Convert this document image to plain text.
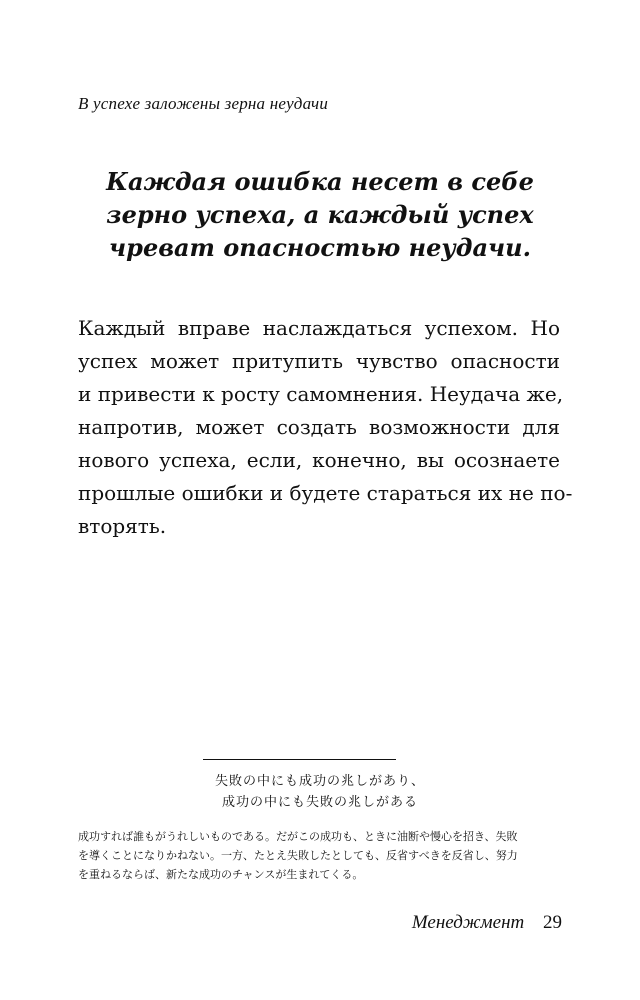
В успехе заложены зерна неудачи
Каждая ошибка несет в себе
зерно успеха, а каждый успех
чреват опасностью неудачи.
Каждый вправе наслаждаться успехом. Но
успех может притупить чувство опасности
и привести к росту самомнения. Неудача же,
напротив, может создать возможности для
нового успеха, если, конечно, вы осознаете
прошлые ошибки и будете стараться их не по-
вторять.
失敗の中にも成功の兆しがあり、
成功の中にも失敗の兆しがある
成功すれば誰もがうれしいものである。だがこの成功も、ときに油断や慢心を招き、失敗
を導くことになりかねない。一方、たとえ失敗したとしても、反省すべきを反省し、努力
を重ねるならば、新たな成功のチャンスが生まれてくる。
Менеджмент 29
